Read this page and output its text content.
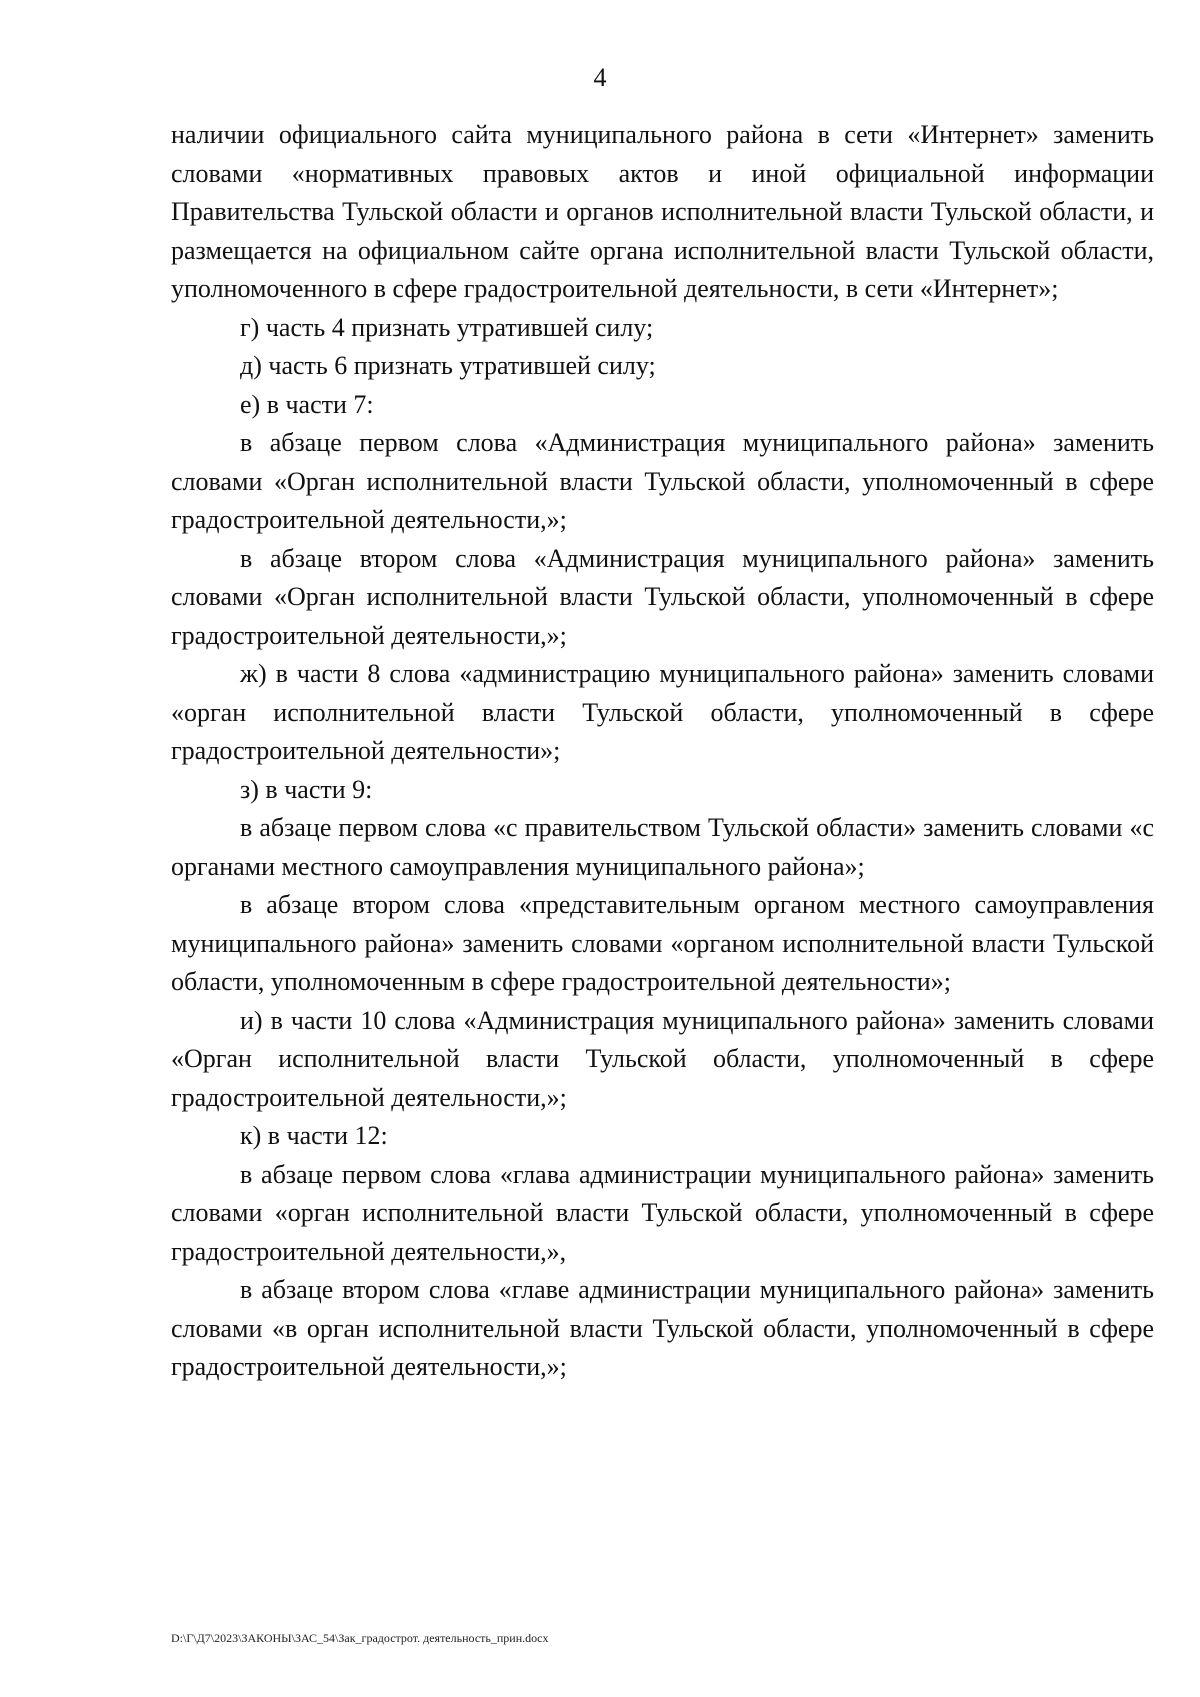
4

наличии официального сайта муниципального района в сети «Интернет» заменить словами «нормативных правовых актов и иной официальной информации Правительства Тульской области и органов исполнительной власти Тульской области, и размещается на официальном сайте органа исполнительной власти Тульской области, уполномоченного в сфере градостроительной деятельности, в сети «Интернет»;

г) часть 4 признать утратившей силу;

д) часть 6 признать утратившей силу;

е) в части 7:

в абзаце первом слова «Администрация муниципального района» заменить словами «Орган исполнительной власти Тульской области, уполномоченный в сфере градостроительной деятельности,»;

в абзаце втором слова «Администрация муниципального района» заменить словами «Орган исполнительной власти Тульской области, уполномоченный в сфере градостроительной деятельности,»;

ж) в части 8 слова «администрацию муниципального района» заменить словами «орган исполнительной власти Тульской области, уполномоченный в сфере градостроительной деятельности»;

з) в части 9:

в абзаце первом слова «с правительством Тульской области» заменить словами «с органами местного самоуправления муниципального района»;

в абзаце втором слова «представительным органом местного самоуправления муниципального района» заменить словами «органом исполнительной власти Тульской области, уполномоченным в сфере градостроительной деятельности»;

и) в части 10 слова «Администрация муниципального района» заменить словами «Орган исполнительной власти Тульской области, уполномоченный в сфере градостроительной деятельности,»;

к) в части 12:

в абзаце первом слова «глава администрации муниципального района» заменить словами «орган исполнительной власти Тульской области, уполномоченный в сфере градостроительной деятельности,»,

в абзаце втором слова «главе администрации муниципального района» заменить словами «в орган исполнительной власти Тульской области, уполномоченный в сфере градостроительной деятельности,»;

D:\Г\Д7\2023\ЗАКОНЫ\ЗАС_54\Зак_градострот. деятельность_прин.docx
